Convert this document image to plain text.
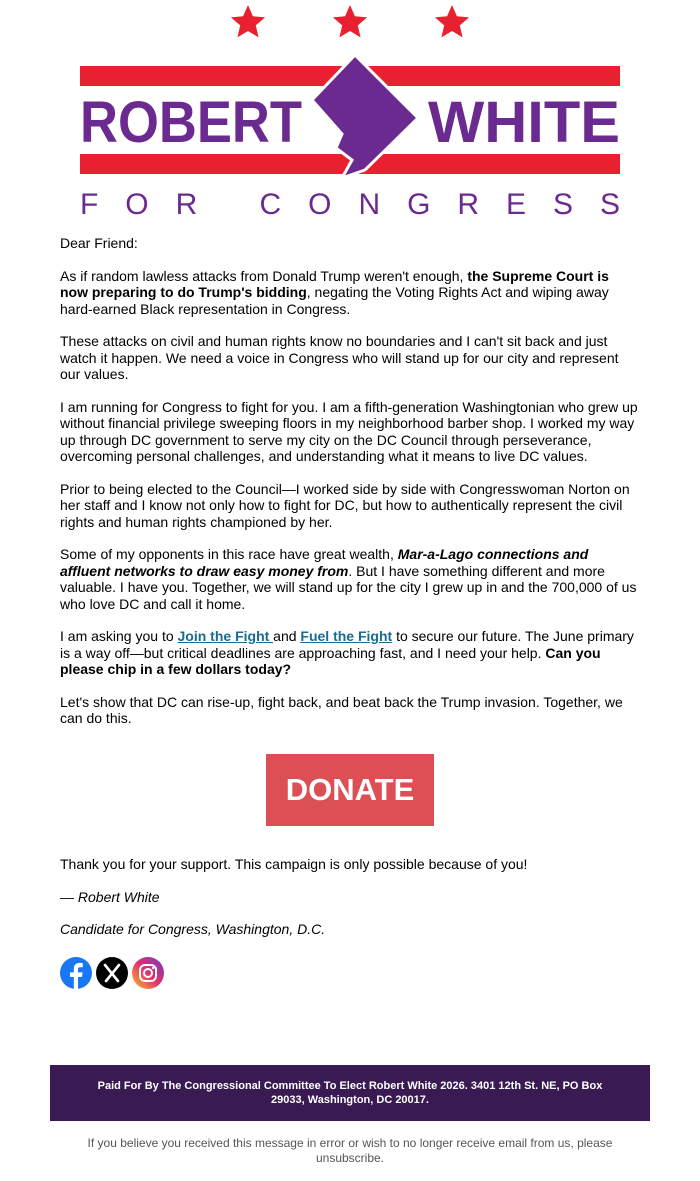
ROBERT WHITE
FOR CONGRESS

Dear Friend:

As if random lawless attacks from Donald Trump weren't enough, the Supreme Court is now preparing to do Trump's bidding, negating the Voting Rights Act and wiping away hard-earned Black representation in Congress.

These attacks on civil and human rights know no boundaries and I can't sit back and just watch it happen. We need a voice in Congress who will stand up for our city and represent our values.

I am running for Congress to fight for you. I am a fifth-generation Washingtonian who grew up without financial privilege sweeping floors in my neighborhood barber shop. I worked my way up through DC government to serve my city on the DC Council through perseverance, overcoming personal challenges, and understanding what it means to live DC values.

Prior to being elected to the Council—I worked side by side with Congresswoman Norton on her staff and I know not only how to fight for DC, but how to authentically represent the civil rights and human rights championed by her.

Some of my opponents in this race have great wealth, Mar-a-Lago connections and affluent networks to draw easy money from. But I have something different and more valuable. I have you. Together, we will stand up for the city I grew up in and the 700,000 of us who love DC and call it home.

I am asking you to Join the Fight and Fuel the Fight to secure our future. The June primary is a way off—but critical deadlines are approaching fast, and I need your help. Can you please chip in a few dollars today?

Let's show that DC can rise-up, fight back, and beat back the Trump invasion. Together, we can do this.

DONATE

Thank you for your support. This campaign is only possible because of you!

— Robert White

Candidate for Congress, Washington, D.C.

Paid For By The Congressional Committee To Elect Robert White 2026. 3401 12th St. NE, PO Box 29033, Washington, DC 20017.
If you believe you received this message in error or wish to no longer receive email from us, please unsubscribe.
